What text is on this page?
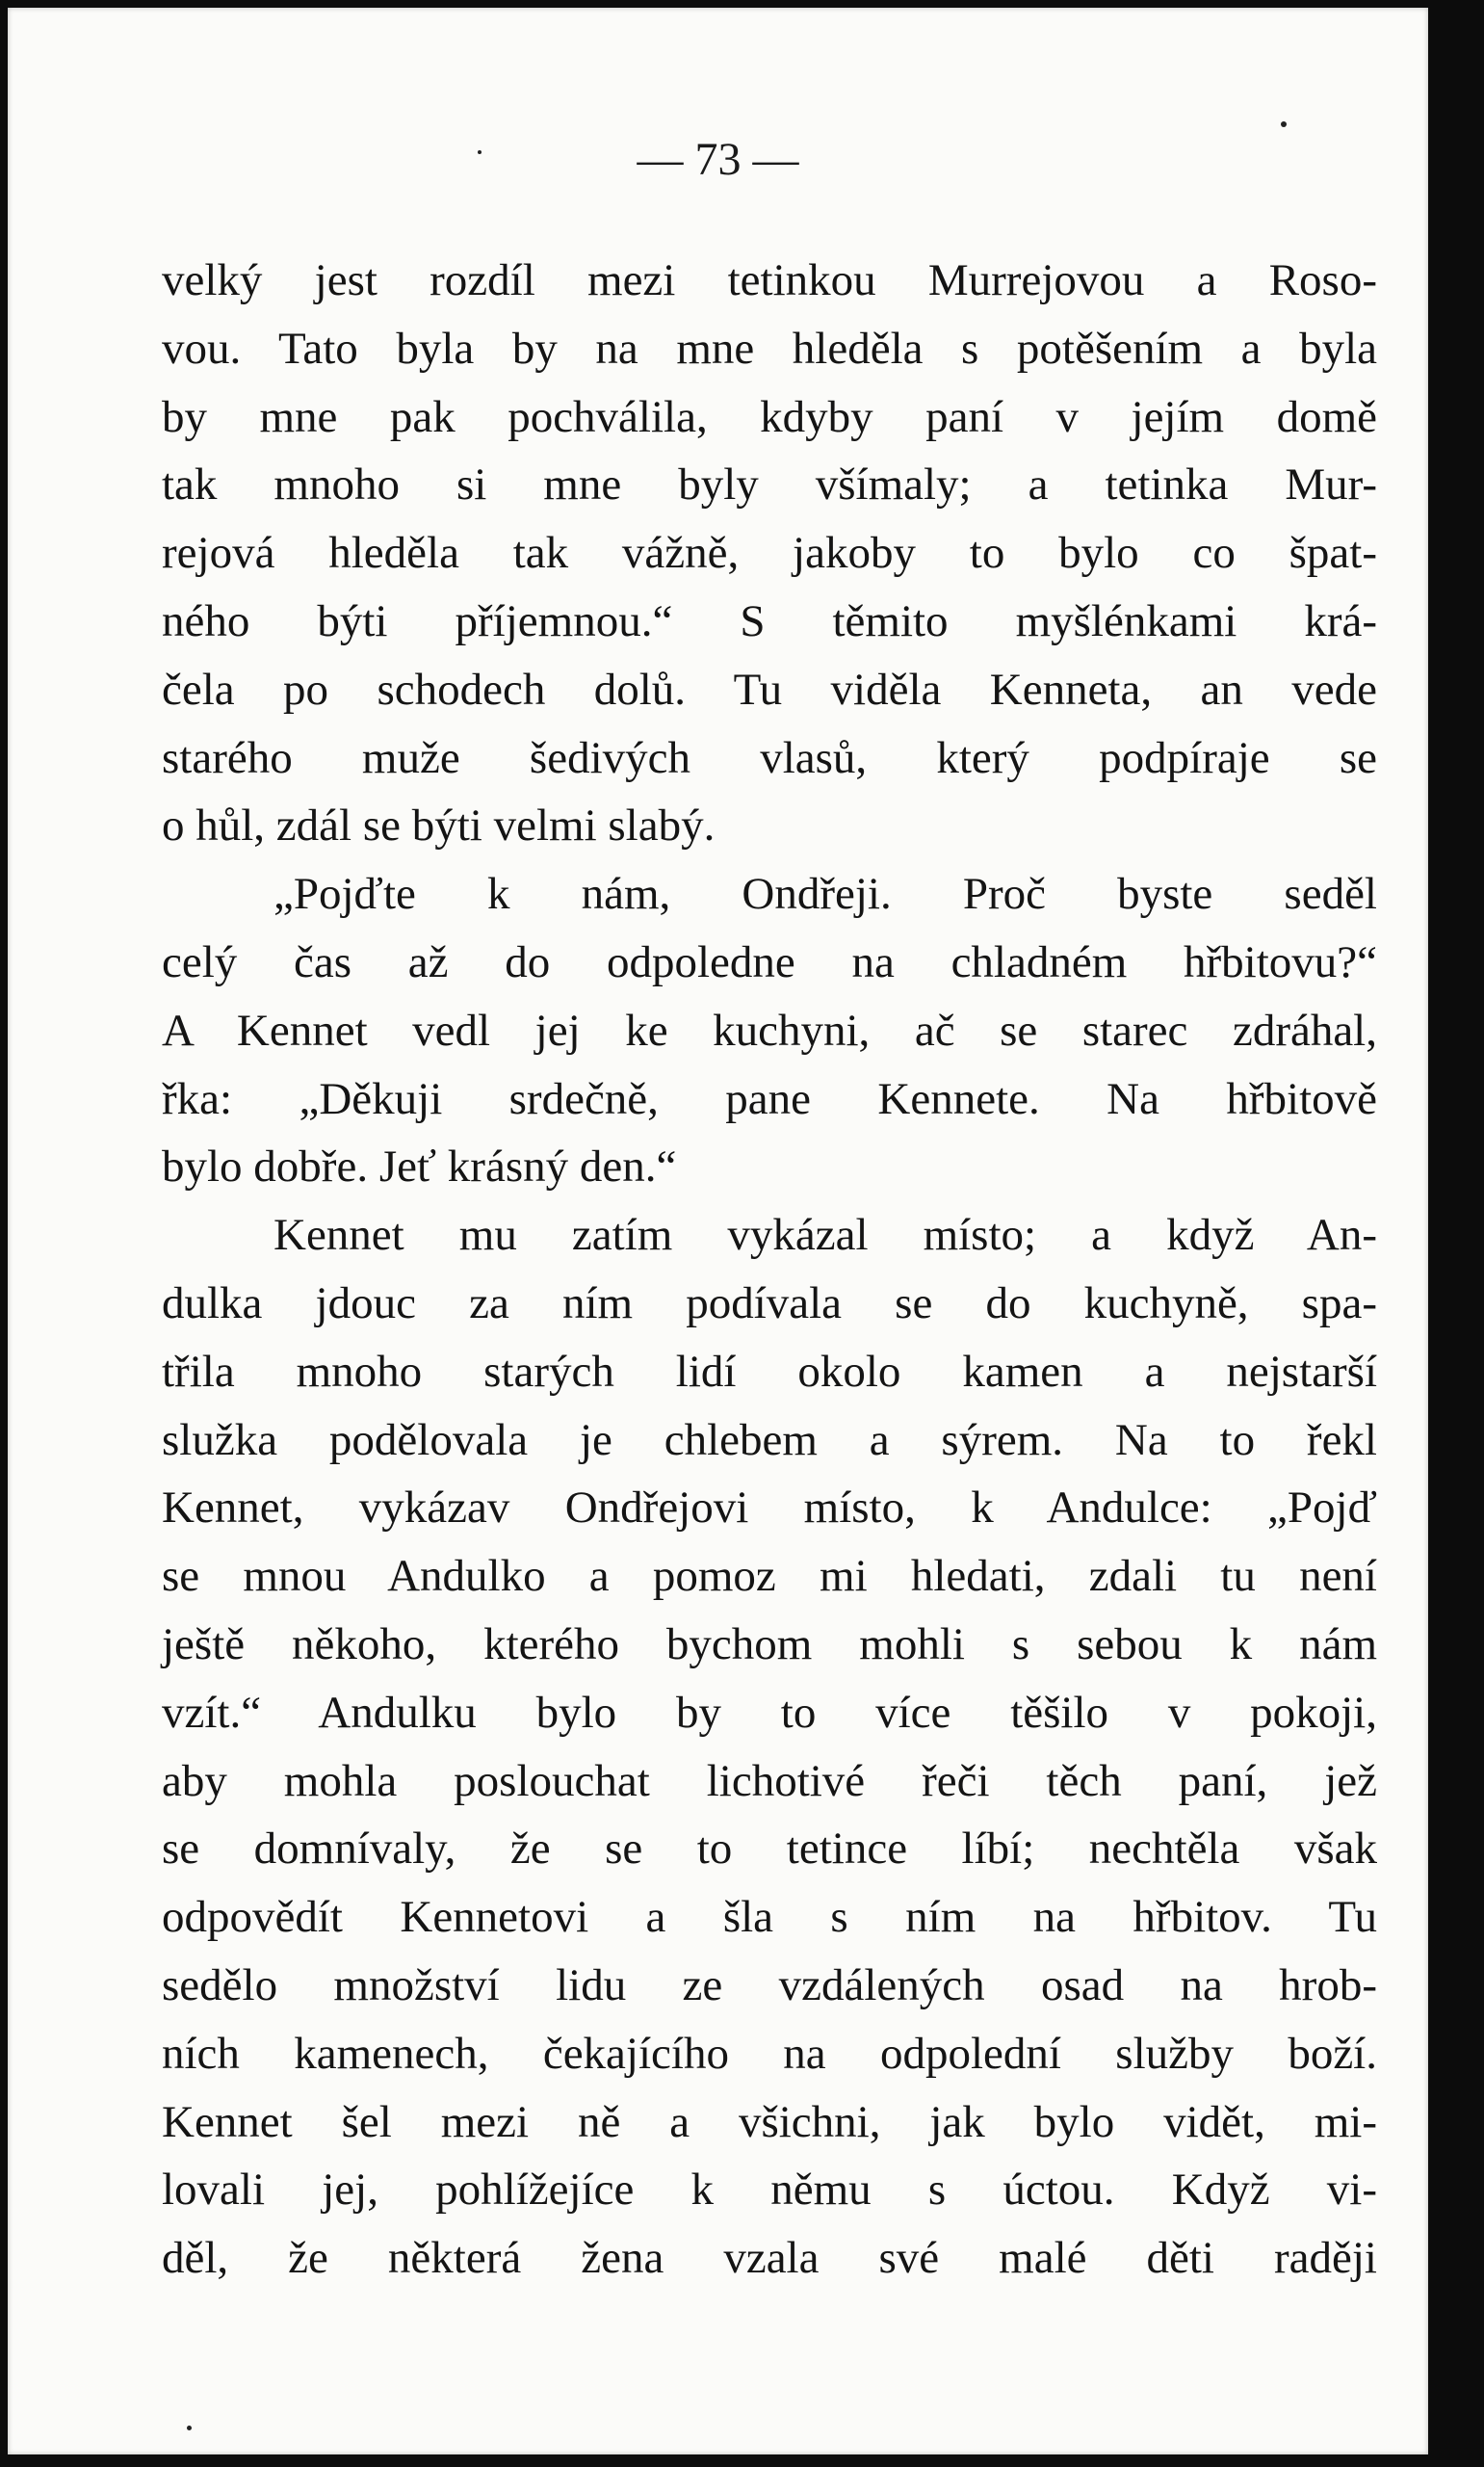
— 73 —
velký jest rozdíl mezi tetinkou Murrejovou a Roso-
vou. Tato byla by na mne hleděla s potěšením a byla
by mne pak pochválila, kdyby paní v jejím domě
tak mnoho si mne byly všímaly; a tetinka Mur-
rejová hleděla tak vážně, jakoby to bylo co špat-
ného býti příjemnou.“ S těmito myšlénkami krá-
čela po schodech dolů. Tu viděla Kenneta, an vede
starého muže šedivých vlasů, který podpíraje se
o hůl, zdál se býti velmi slabý.
„Pojďte k nám, Ondřeji. Proč byste seděl
celý čas až do odpoledne na chladném hřbitovu?“
A Kennet vedl jej ke kuchyni, ač se starec zdráhal,
řka: „Děkuji srdečně, pane Kennete. Na hřbitově
bylo dobře. Jeť krásný den.“
Kennet mu zatím vykázal místo; a když An-
dulka jdouc za ním podívala se do kuchyně, spa-
třila mnoho starých lidí okolo kamen a nejstarší
služka podělovala je chlebem a sýrem. Na to řekl
Kennet, vykázav Ondřejovi místo, k Andulce: „Pojď
se mnou Andulko a pomoz mi hledati, zdali tu není
ještě někoho, kterého bychom mohli s sebou k nám
vzít.“ Andulku bylo by to více těšilo v pokoji,
aby mohla poslouchat lichotivé řeči těch paní, jež
se domnívaly, že se to tetince líbí; nechtěla však
odpovědít Kennetovi a šla s ním na hřbitov. Tu
sedělo množství lidu ze vzdálených osad na hrob-
ních kamenech, čekajícího na odpolední služby boží.
Kennet šel mezi ně a všichni, jak bylo vidět, mi-
lovali jej, pohlížejíce k němu s úctou. Když vi-
děl, že některá žena vzala své malé děti raději
